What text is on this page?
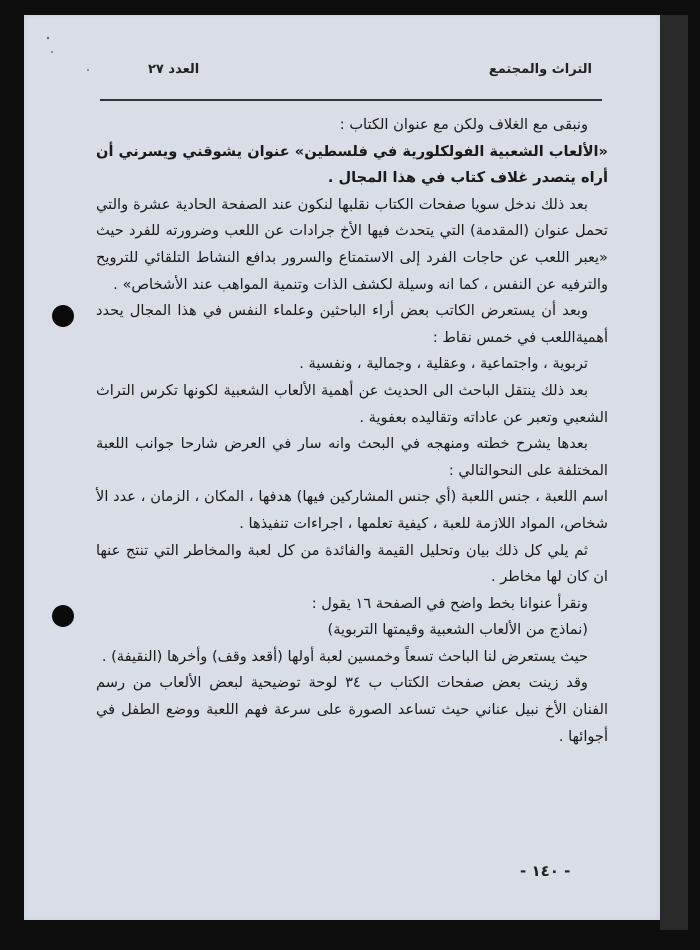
التراث والمجتمع
العدد ٢٧

ونبقى مع الغلاف ولكن مع عنوان الكتاب :

«الألعاب الشعبية الفولكلورية في فلسطين» عنوان يشوقني ويسرني أن أراه يتصدر غلاف كتاب في هذا المجال .

بعد ذلك ندخل سويا صفحات الكتاب نقلبها لنكون عند الصفحة الحادية عشرة والتي تحمل عنوان (المقدمة) التي يتحدث فيها الأخ جرادات عن اللعب وضرورته للفرد حيث «يعبر اللعب عن حاجات الفرد إلى الاستمتاع والسرور بدافع النشاط التلقائي للترويح والترفيه عن النفس ، كما انه وسيلة لكشف الذات وتنمية المواهب عند الأشخاص» .

وبعد أن يستعرض الكاتب بعض أراء الباحثين وعلماء النفس في هذا المجال يحدد أهميةاللعب في خمس نقاط :

تربوية ، واجتماعية ، وعقلية ، وجمالية ، ونفسية .

بعد ذلك ينتقل الباحث الى الحديث عن أهمية الألعاب الشعبية لكونها تكرس التراث الشعبي وتعبر عن عاداته وتقاليده بعفوية .

بعدها يشرح خطته ومنهجه في البحث وانه سار في العرض شارحا جوانب اللعبة المختلفة على النحوالتالي :

اسم اللعبة ، جنس اللعبة (أي جنس المشاركين فيها) هدفها ، المكان ، الزمان ، عدد الأ شخاص، المواد اللازمة للعبة ، كيفية تعلمها ، اجراءات تنفيذها .

ثم يلي كل ذلك بيان وتحليل القيمة والفائدة من كل لعبة والمخاطر التي تنتج عنها ان كان لها مخاطر .

ونقرأ عنوانا بخط واضح في الصفحة ١٦ يقول :

(نماذج من الألعاب الشعبية وقيمتها التربوية)

حيث يستعرض لنا الباحث تسعاً وخمسين لعبة أولها (أقعد وقف) وأخرها (النقيفة) .

وقد زينت بعض صفحات الكتاب ب ٣٤ لوحة توضيحية لبعض الألعاب من رسم الفنان الأخ نبيل عناني حيث تساعد الصورة على سرعة فهم اللعبة ووضع الطفل في أجوائها .

- ١٤٠ -
